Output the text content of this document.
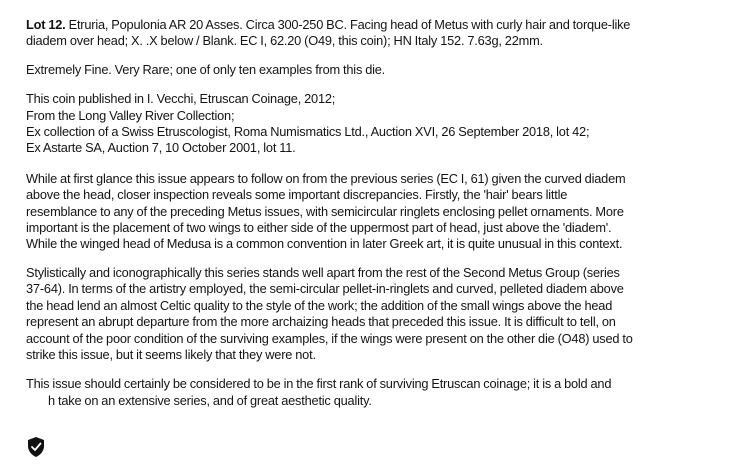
Lot 12. Etruria, Populonia AR 20 Asses. Circa 300-250 BC. Facing head of Metus with curly hair and torque-like
diadem over head; X. .X below / Blank. EC I, 62.20 (O49, this coin); HN Italy 152. 7.63g, 22mm.

Extremely Fine. Very Rare; one of only ten examples from this die.

This coin published in I. Vecchi, Etruscan Coinage, 2012;
From the Long Valley River Collection;
Ex collection of a Swiss Etruscologist, Roma Numismatics Ltd., Auction XVI, 26 September 2018, lot 42;
Ex Astarte SA, Auction 7, 10 October 2001, lot 11.

While at first glance this issue appears to follow on from the previous series (EC I, 61) given the curved diadem
above the head, closer inspection reveals some important discrepancies. Firstly, the 'hair' bears little
resemblance to any of the preceding Metus issues, with semicircular ringlets enclosing pellet ornaments. More
important is the placement of two wings to either side of the uppermost part of head, just above the 'diadem'.
While the winged head of Medusa is a common convention in later Greek art, it is quite unusual in this context.

Stylistically and iconographically this series stands well apart from the rest of the Second Metus Group (series
37-64). In terms of the artistry employed, the semi-circular pellet-in-ringlets and curved, pelleted diadem above
the head lend an almost Celtic quality to the style of the work; the addition of the small wings above the head
represent an abrupt departure from the more archaizing heads that preceded this issue. It is difficult to tell, on
account of the poor condition of the surviving examples, if the wings were present on the other die (O48) used to
strike this issue, but it seems likely that they were not.

This issue should certainly be considered to be in the first rank of surviving Etruscan coinage; it is a bold and
h take on an extensive series, and of great aesthetic quality.
